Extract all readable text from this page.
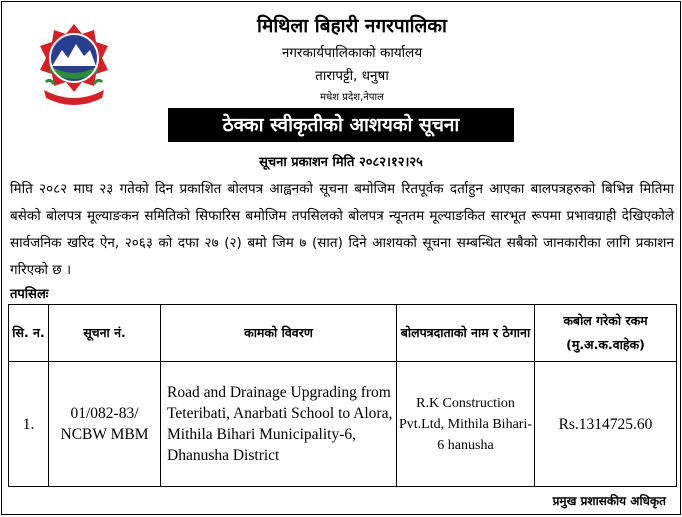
मिथिला बिहारी नगरपालिका
नगरकार्यपालिकाको कार्यालय
तारापट्टी, धनुषा
मधेश प्रदेश,नेपाल
ठेक्का स्वीकृतीको आशयको सूचना
सूचना प्रकाशन मिति २०८२।१२।२५
मिति २०८२ माघ २३ गतेको दिन प्रकाशित बोलपत्र आह्वनको सूचना बमोजिम रितपूर्वक दर्ताहुन आएका बालपत्रहरुको बिभिन्न मितिमा बसेको बोलपत्र मूल्याङकन समितिको सिफारिस बमोजिम तपसिलको बोलपत्र न्यूनतम मूल्याङकित सारभूत रूपमा प्रभावग्राही देखिएकोले सार्वजनिक खरिद ऐन, २०६३ को दफा २७ (२) बमो जिम ७ (सात) दिने आशयको सूचना सम्बन्धित सबैको जानकारीका लागि प्रकाशन गरिएको छ ।
तपसिलः
सि. न.	सूचना नं.	कामको विवरण	बोलपत्रदाताको नाम र ठेगाना	कबोल गरेको रकम (मु.अ.क.वाहेक)
1.	01/082-83/ NCBW MBM	Road and Drainage Upgrading from Teteribati, Anarbati School to Alora, Mithila Bihari Municipality-6, Dhanusha District	R.K Construction Pvt.Ltd, Mithila Bihari-6 hanusha	Rs.1314725.60
प्रमुख प्रशासकीय अधिकृत
